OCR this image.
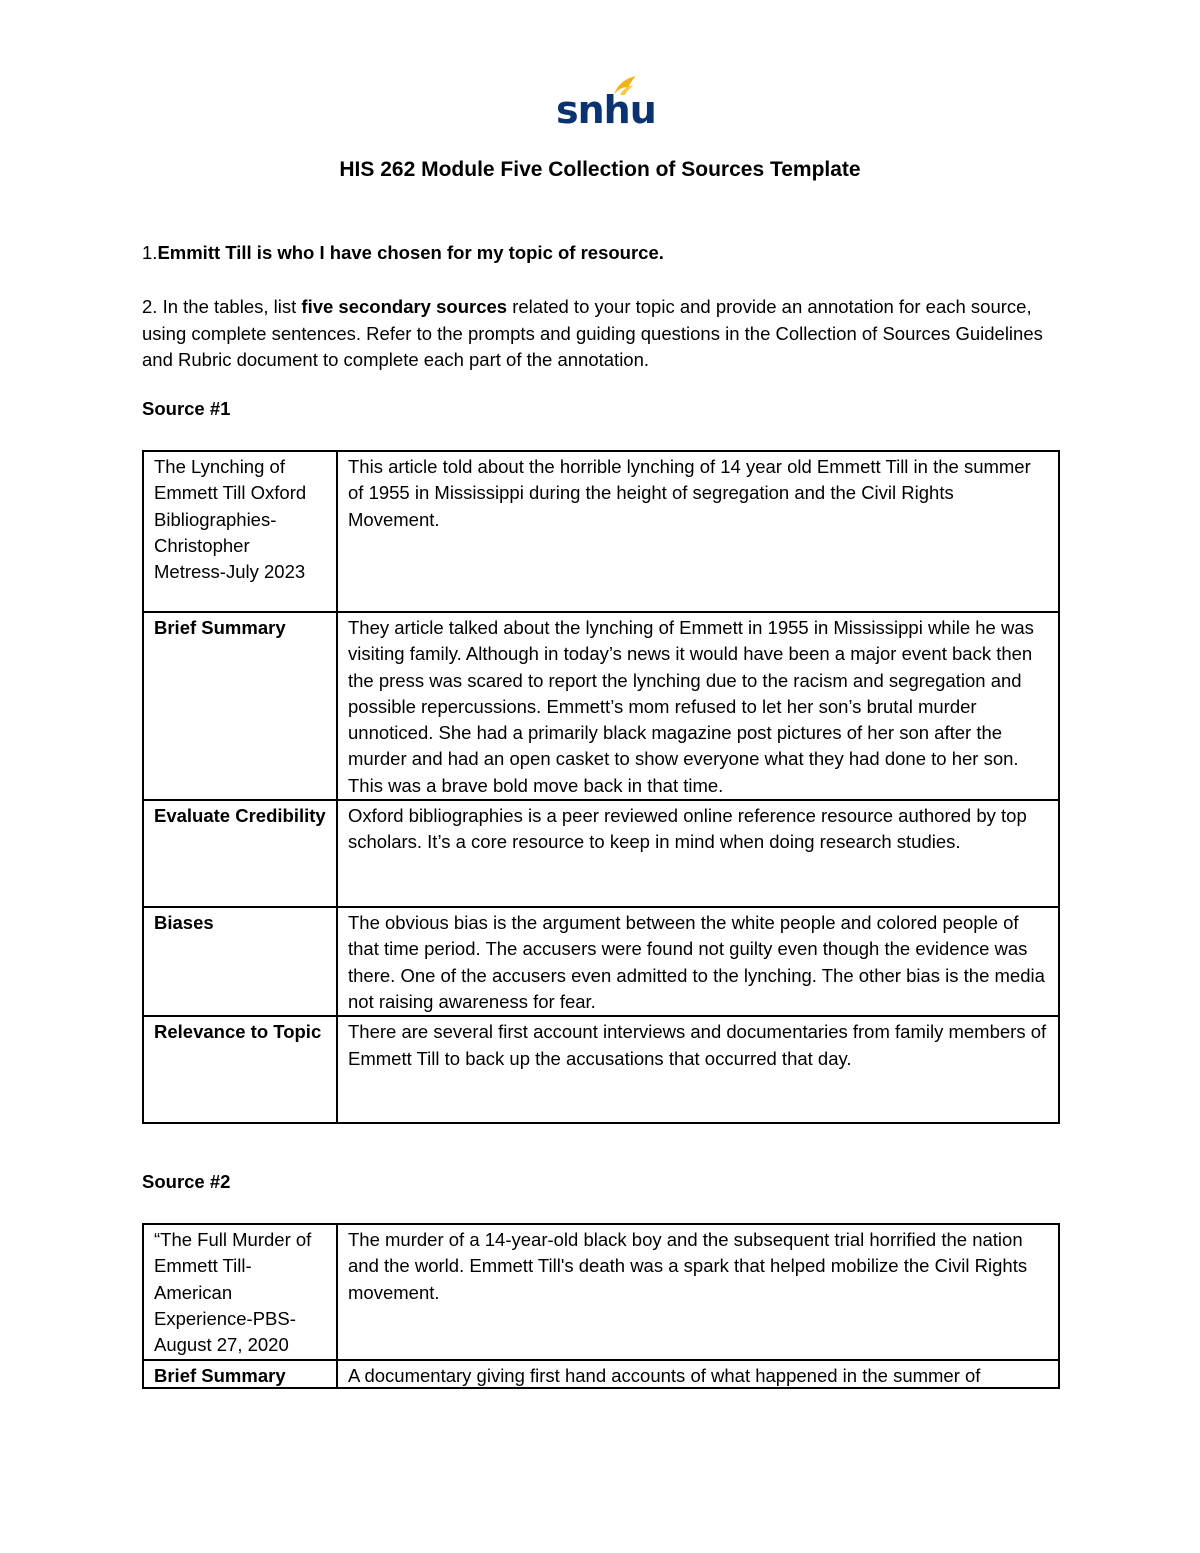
snhu
HIS 262 Module Five Collection of Sources Template
1.Emmitt Till is who I have chosen for my topic of resource.
2. In the tables, list five secondary sources related to your topic and provide an annotation for each source, using complete sentences. Refer to the prompts and guiding questions in the Collection of Sources Guidelines and Rubric document to complete each part of the annotation.
Source #1
The Lynching of Emmett Till Oxford Bibliographies-Christopher Metress-July 2023	This article told about the horrible lynching of 14 year old Emmett Till in the summer of 1955 in Mississippi during the height of segregation and the Civil Rights Movement.
Brief Summary	They article talked about the lynching of Emmett in 1955 in Mississippi while he was visiting family. Although in today’s news it would have been a major event back then the press was scared to report the lynching due to the racism and segregation and possible repercussions. Emmett’s mom refused to let her son’s brutal murder unnoticed. She had a primarily black magazine post pictures of her son after the murder and had an open casket to show everyone what they had done to her son. This was a brave bold move back in that time.
Evaluate Credibility	Oxford bibliographies is a peer reviewed online reference resource authored by top scholars. It’s a core resource to keep in mind when doing research studies.
Biases	The obvious bias is the argument between the white people and colored people of that time period. The accusers were found not guilty even though the evidence was there. One of the accusers even admitted to the lynching. The other bias is the media not raising awareness for fear.
Relevance to Topic	There are several first account interviews and documentaries from family members of Emmett Till to back up the accusations that occurred that day.
Source #2
“The Full Murder of Emmett Till-American Experience-PBS-August 27, 2020	The murder of a 14-year-old black boy and the subsequent trial horrified the nation and the world. Emmett Till's death was a spark that helped mobilize the Civil Rights movement.

Brief Summary	A documentary giving first hand accounts of what happened in the summer of
